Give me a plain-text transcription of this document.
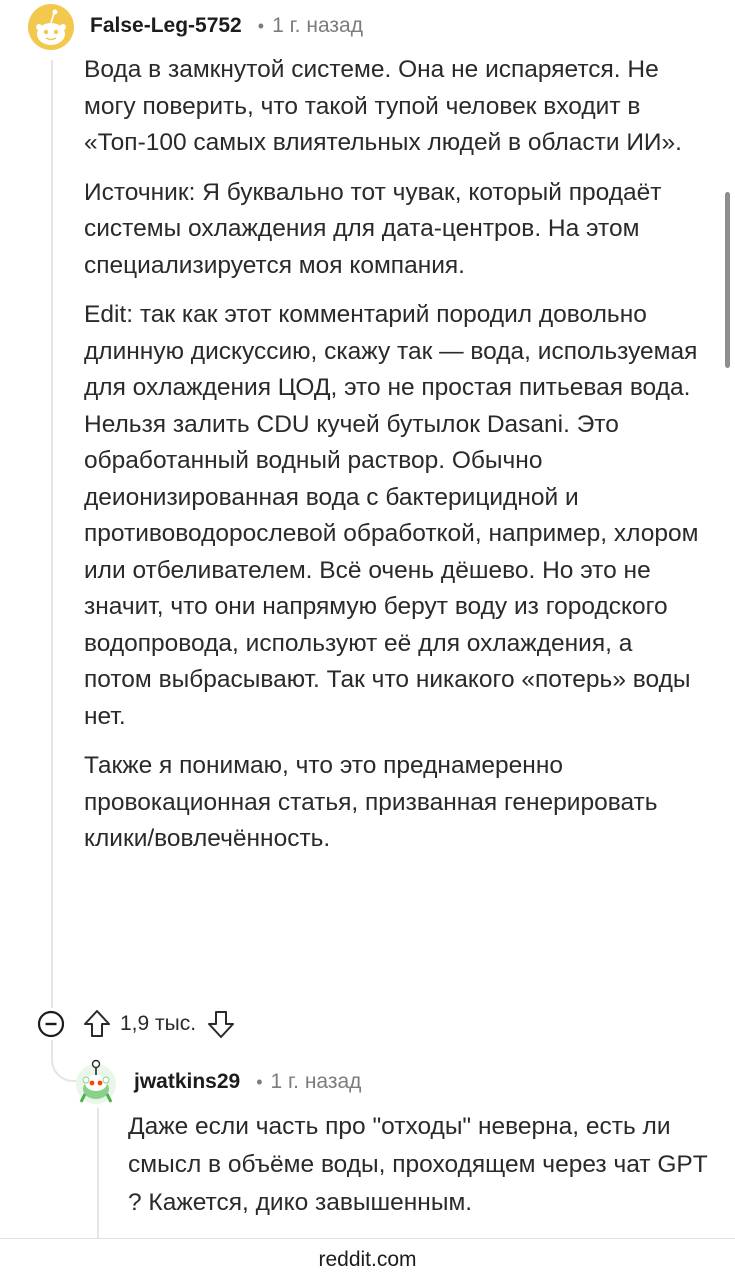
False-Leg-5752 • 1 г. назад

Вода в замкнутой системе. Она не испаряется. Не могу поверить, что такой тупой человек входит в «Топ-100 самых влиятельных людей в области ИИ».

Источник: Я буквально тот чувак, который продаёт системы охлаждения для дата-центров. На этом специализируется моя компания.

Edit: так как этот комментарий породил довольно длинную дискуссию, скажу так — вода, используемая для охлаждения ЦОД, это не простая питьевая вода. Нельзя залить CDU кучей бутылок Dasani. Это обработанный водный раствор. Обычно деионизированная вода с бактерицидной и противоводорослевой обработкой, например, хлором или отбеливателем. Всё очень дёшево. Но это не значит, что они напрямую берут воду из городского водопровода, используют её для охлаждения, а потом выбрасывают. Так что никакого «потерь» воды нет.

Также я понимаю, что это преднамеренно провокационная статья, призванная генерировать клики/вовлечённость.

1,9 тыс.
jwatkins29 • 1 г. назад

Даже если часть про "отходы" неверна, есть ли смысл в объёме воды, проходящем через чат GPT ? Кажется, дико завышенным.

reddit.com
